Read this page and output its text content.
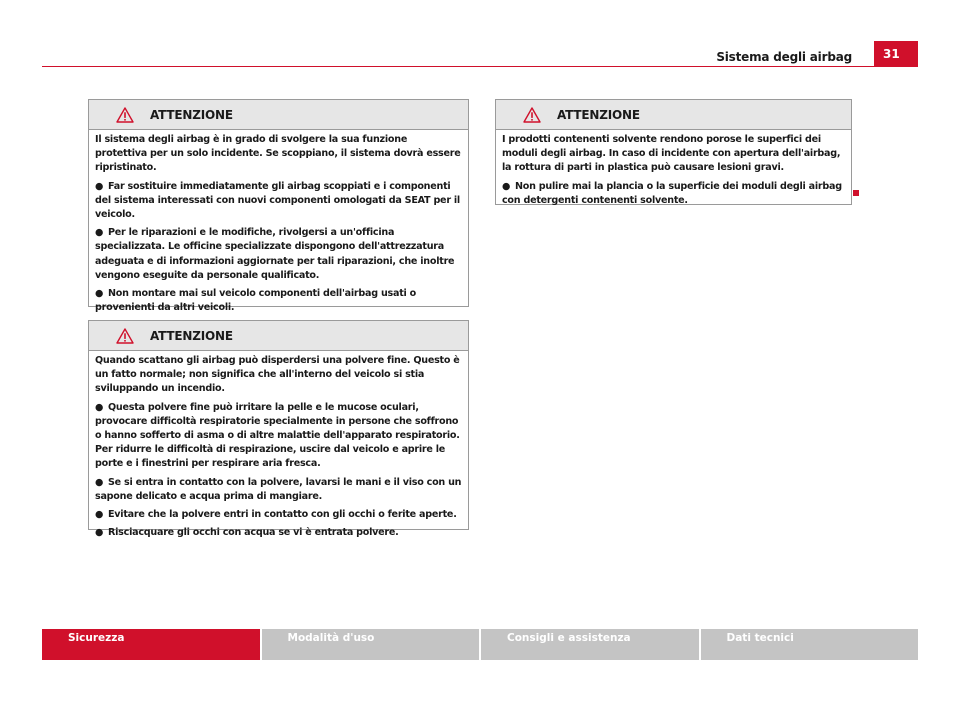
31
Sistema degli airbag
ATTENZIONE

Il sistema degli airbag è in grado di svolgere la sua funzione protettiva per un solo incidente. Se scoppiano, il sistema dovrà essere ripristinato.

● Far sostituire immediatamente gli airbag scoppiati e i componenti del sistema interessati con nuovi componenti omologati da SEAT per il veicolo.

● Per le riparazioni e le modifiche, rivolgersi a un'officina specializzata. Le officine specializzate dispongono dell'attrezzatura adeguata e di informazioni aggiornate per tali riparazioni, che inoltre vengono eseguite da personale qualificato.

● Non montare mai sul veicolo componenti dell'airbag usati o provenienti da altri veicoli.

ATTENZIONE

Quando scattano gli airbag può disperdersi una polvere fine. Questo è un fatto normale; non significa che all'interno del veicolo si stia sviluppando un incendio.

● Questa polvere fine può irritare la pelle e le mucose oculari, provocare difficoltà respiratorie specialmente in persone che soffrono o hanno sofferto di asma o di altre malattie dell'apparato respiratorio. Per ridurre le difficoltà di respirazione, uscire dal veicolo e aprire le porte e i finestrini per respirare aria fresca.

● Se si entra in contatto con la polvere, lavarsi le mani e il viso con un sapone delicato e acqua prima di mangiare.

● Evitare che la polvere entri in contatto con gli occhi o ferite aperte.

● Risciacquare gli occhi con acqua se vi è entrata polvere.

ATTENZIONE

I prodotti contenenti solvente rendono porose le superfici dei moduli degli airbag. In caso di incidente con apertura dell'airbag, la rottura di parti in plastica può causare lesioni gravi.

● Non pulire mai la plancia o la superficie dei moduli degli airbag con detergenti contenenti solvente.

Sicurezza	Modalità d'uso	Consigli e assistenza	Dati tecnici
